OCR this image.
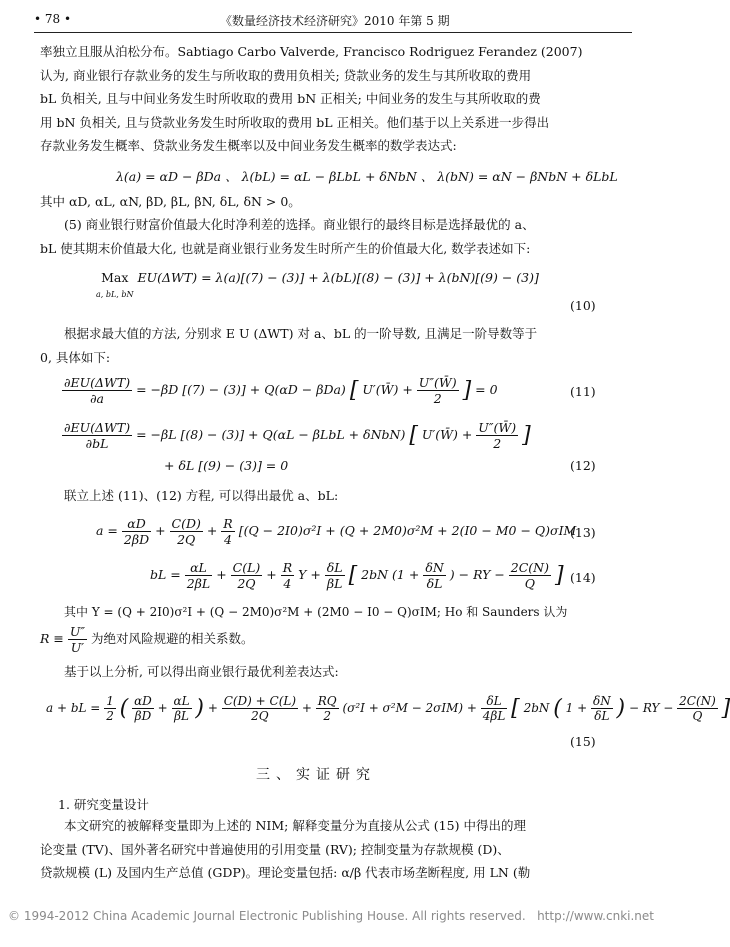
• 78 •	《数量经济技术经济研究》2010 年第 5 期
率独立且服从泊松分布。Sabtiago Carbo Valverde, Francisco Rodriguez Ferandez (2007)
认为, 商业银行存款业务的发生与所收取的费用负相关; 贷款业务的发生与其所收取的费用
bL 负相关, 且与中间业务发生时所收取的费用 bN 正相关; 中间业务的发生与其所收取的费
用 bN 负相关, 且与贷款业务发生时所收取的费用 bL 正相关。他们基于以上关系进一步得出
存款业务发生概率、贷款业务发生概率以及中间业务发生概率的数学表达式:
λ(a) = αD − βDa 、 λ(bL) = αL − βLbL + δNbN 、 λ(bN) = αN − βNbN + δLbL
其中 αD, αL, αN, βD, βL, βN, δL, δN > 0。
(5) 商业银行财富价值最大化时净利差的选择。商业银行的最终目标是选择最优的 a、
bL 使其期末价值最大化, 也就是商业银行业务发生时所产生的价值最大化, 数学表述如下:
Max
a, bL, bN EU(ΔWT) = λ(a)[(7) − (3)] + λ(bL)[(8) − (3)] + λ(bN)[(9) − (3)]
(10)
根据求最大值的方法, 分别求 E U (ΔWT) 对 a、bL 的一阶导数, 且满足一阶导数等于
0, 具体如下:
$\frac{\text{∂EU(ΔWT)}}{\partial a} = -\beta D$ [(7) − (3)] + Q(αD − βDa) [ U′(W̄) + $\frac{U''(W̄)}{2}$ ] = 0	(11)
$\frac{\text{∂EU(ΔWT)}}{\partial bL} = -\beta L$ [(8) − (3)] + Q(αL − βLbL + δNbN) [ U′(W̄) + $\frac{U''(W̄)}{2}$ ]
+ δL [(9) − (3)] = 0	(12)
联立上述 (11)、(12) 方程, 可以得出最优 a、bL:
$a = \frac{\alpha D}{2\beta D} + \frac{C(D)}{2Q} + \frac{R}{4} [(Q - 2I0)\sigma^2I + (Q + 2M0)\sigma^2M + 2(I0 - M0 - Q)\sigma IM$
(13)
bL = $\frac{\alpha L}{2\beta L} + \frac{C(L)}{2Q} + \frac{R}{4}$ $Y + \frac{\delta L}{\beta L}$ [ 2bN ($1 + \frac{\delta N}{\delta L}$ ) − RY − $\frac{2C(N)}{Q}$ ] (14)
其中 Y = (Q + 2I0)σ²I + (Q − 2M0)σ²M + (2M0 − I0 − Q)σIM; Ho 和 Saunders 认为
$R \equiv \frac{U''}{U'}$ 为绝对风险规避的相关系数。
基于以上分析, 可以得出商业银行最优利差表达式:
a + bL = $\frac{1}{2}$ ( $\frac{\alpha D}{\beta D} + \frac{\alpha L}{\beta L}$ ) + $\frac{C(D) + C(L)}{2Q} + \frac{RQ}{2} (\sigma^2I + \sigma^2M - 2\sigma IM) + \frac{\delta L}{4\beta L}$ [ 2bN ( $1 + \frac{\delta N}{\delta L}$ ) − RY − $\frac{2C(N)}{Q}$ ]
(15)
三、实证研究
1. 研究变量设计
本文研究的被解释变量即为上述的 NIM; 解释变量分为直接从公式 (15) 中得出的理
论变量 (TV)、国外著名研究中普遍使用的引用变量 (RV); 控制变量为存款规模 (D)、
贷款规模 (L) 及国内生产总值 (GDP)。理论变量包括: α/β 代表市场垄断程度, 用 LN (勒
© 1994-2012 China Academic Journal Electronic Publishing House. All rights reserved. http://www.cnki.net
